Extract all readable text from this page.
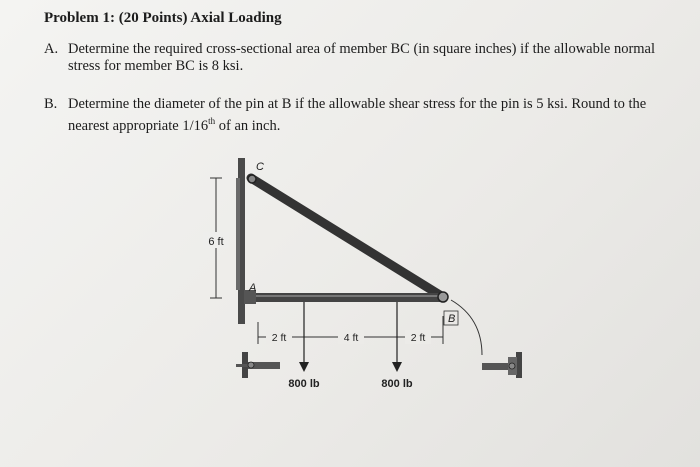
Problem 1: (20 Points) Axial Loading
A. Determine the required cross-sectional area of member BC (in square inches) if the allowable normal stress for member BC is 8 ksi.
B. Determine the diameter of the pin at B if the allowable shear stress for the pin is 5 ksi. Round to the nearest appropriate 1/16th of an inch.
6 ft
C
A
B
2 ft	4 ft	2 ft
800 lb	800 lb
